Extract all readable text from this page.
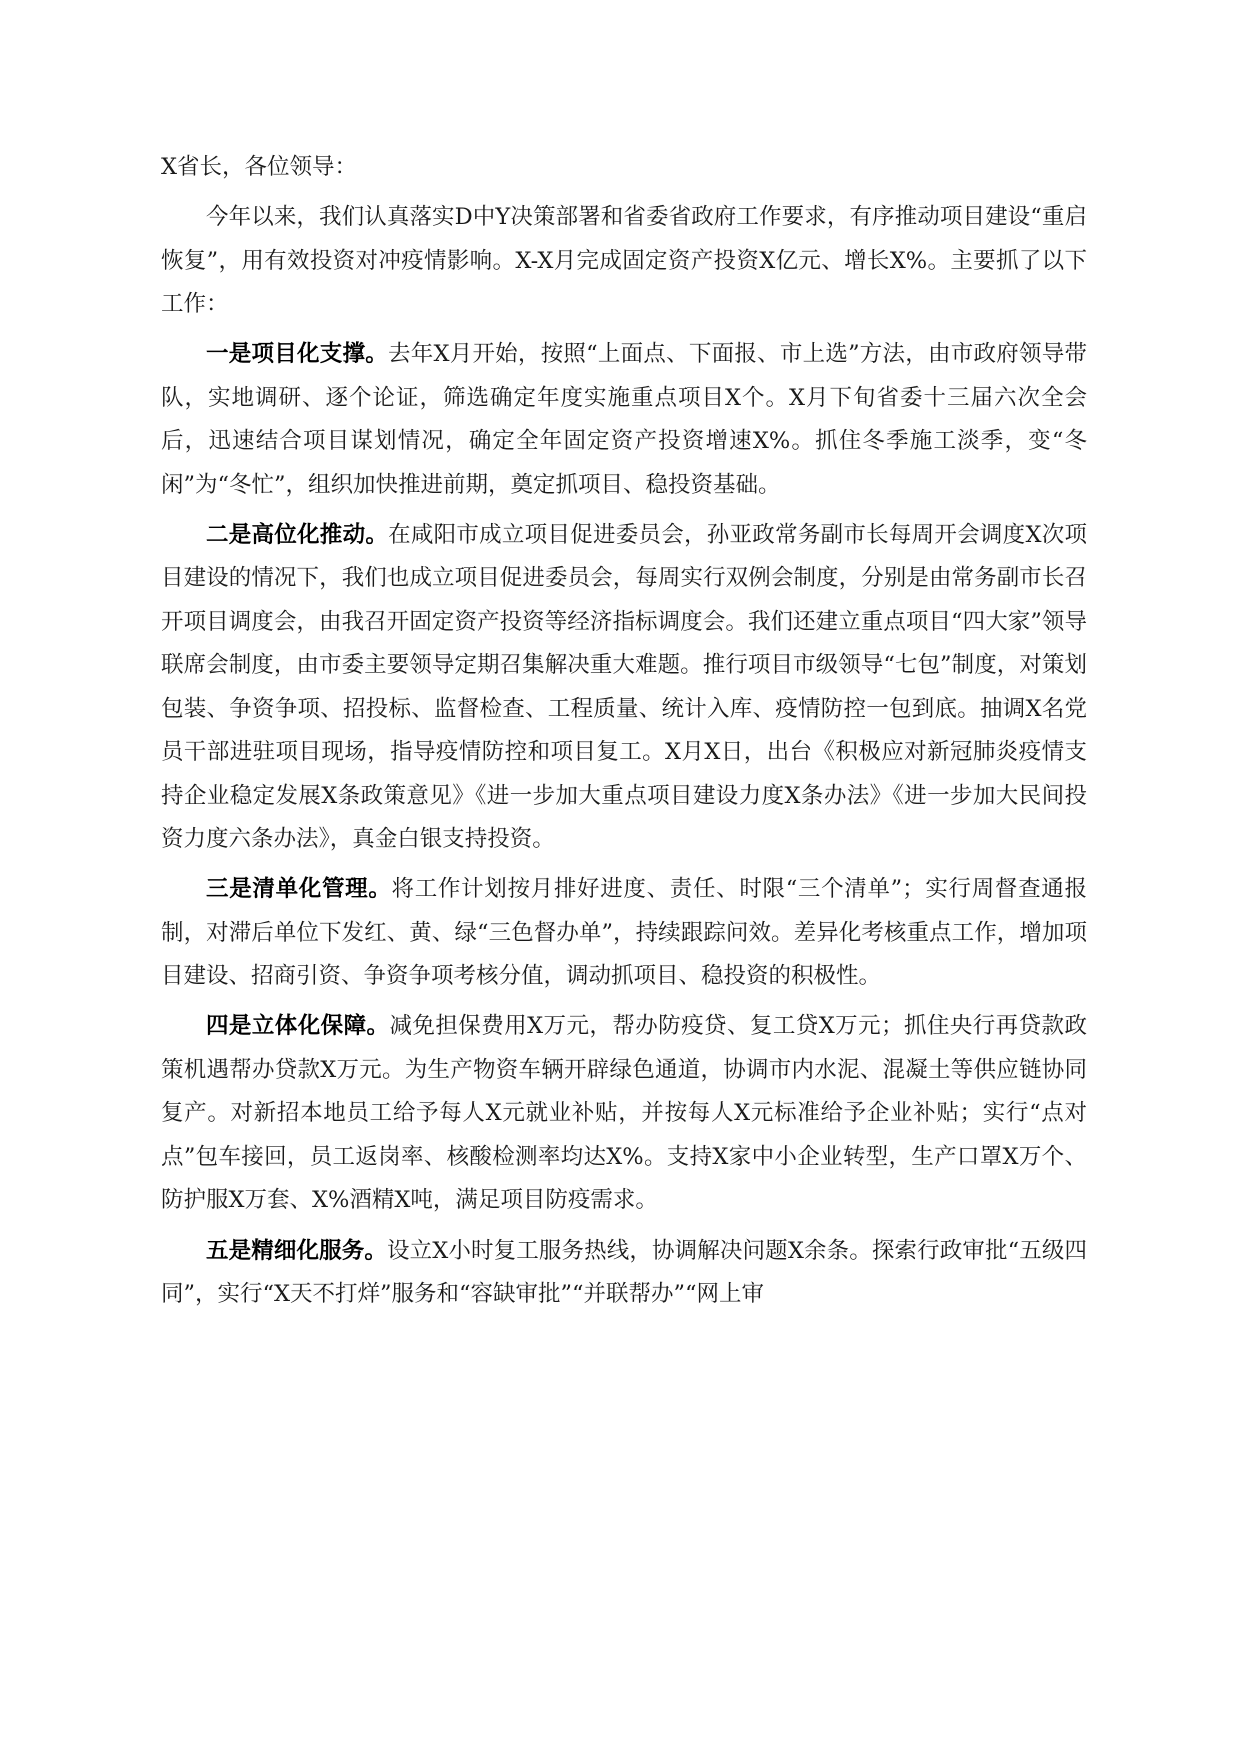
X省长，各位领导：

今年以来，我们认真落实D中Y决策部署和省委省政府工作要求，有序推动项目建设“重启恢复”，用有效投资对冲疫情影响。X-X月完成固定资产投资X亿元、增长X%。主要抓了以下工作：

一是项目化支撑。去年X月开始，按照“上面点、下面报、市上选”方法，由市政府领导带队，实地调研、逐个论证，筛选确定年度实施重点项目X个。X月下旬省委十三届六次全会后，迅速结合项目谋划情况，确定全年固定资产投资增速X%。抓住冬季施工淡季，变“冬闲”为“冬忙”，组织加快推进前期，奠定抓项目、稳投资基础。

二是高位化推动。在咸阳市成立项目促进委员会，孙亚政常务副市长每周开会调度X次项目建设的情况下，我们也成立项目促进委员会，每周实行双例会制度，分别是由常务副市长召开项目调度会，由我召开固定资产投资等经济指标调度会。我们还建立重点项目“四大家”领导联席会制度，由市委主要领导定期召集解决重大难题。推行项目市级领导“七包”制度，对策划包装、争资争项、招投标、监督检查、工程质量、统计入库、疫情防控一包到底。抽调X名党员干部进驻项目现场，指导疫情防控和项目复工。X月X日，出台《积极应对新冠肺炎疫情支持企业稳定发展X条政策意见》《进一步加大重点项目建设力度X条办法》《进一步加大民间投资力度六条办法》，真金白银支持投资。

三是清单化管理。将工作计划按月排好进度、责任、时限“三个清单”；实行周督查通报制，对滞后单位下发红、黄、绿“三色督办单”，持续跟踪问效。差异化考核重点工作，增加项目建设、招商引资、争资争项考核分值，调动抓项目、稳投资的积极性。

四是立体化保障。减免担保费用X万元，帮办防疫贷、复工贷X万元；抓住央行再贷款政策机遇帮办贷款X万元。为生产物资车辆开辟绿色通道，协调市内水泥、混凝土等供应链协同复产。对新招本地员工给予每人X元就业补贴，并按每人X元标准给予企业补贴；实行“点对点”包车接回，员工返岗率、核酸检测率均达X%。支持X家中小企业转型，生产口罩X万个、防护服X万套、X%酒精X吨，满足项目防疫需求。

五是精细化服务。设立X小时复工服务热线，协调解决问题X余条。探索行政审批“五级四同”，实行“X天不打烊”服务和“容缺审批”“并联帮办”“网上审
